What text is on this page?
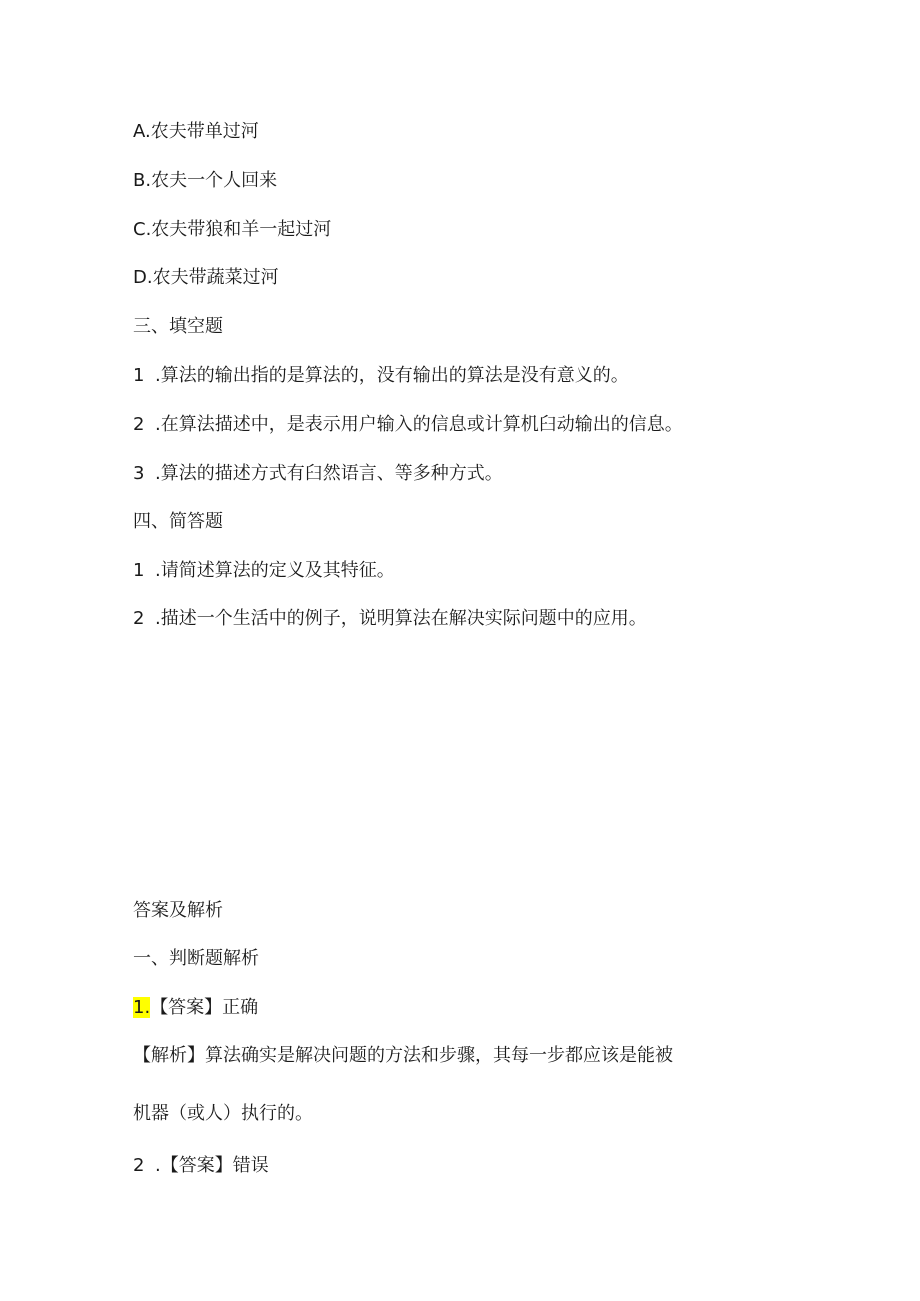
A.农夫带单过河
B.农夫一个人回来
C.农夫带狼和羊一起过河
D.农夫带蔬菜过河
三、填空题
1 .算法的输出指的是算法的，没有输出的算法是没有意义的。
2 .在算法描述中，是表示用户输入的信息或计算机臼动输出的信息。
3 .算法的描述方式有臼然语言、等多种方式。
四、简答题
1 .请简述算法的定义及其特征。
2 .描述一个生活中的例子，说明算法在解决实际问题中的应用。
答案及解析
一、判断题解析
1.【答案】正确
【解析】算法确实是解决问题的方法和步骤，其每一步都应该是能被
机器（或人）执行的。
2 .【答案】错误
